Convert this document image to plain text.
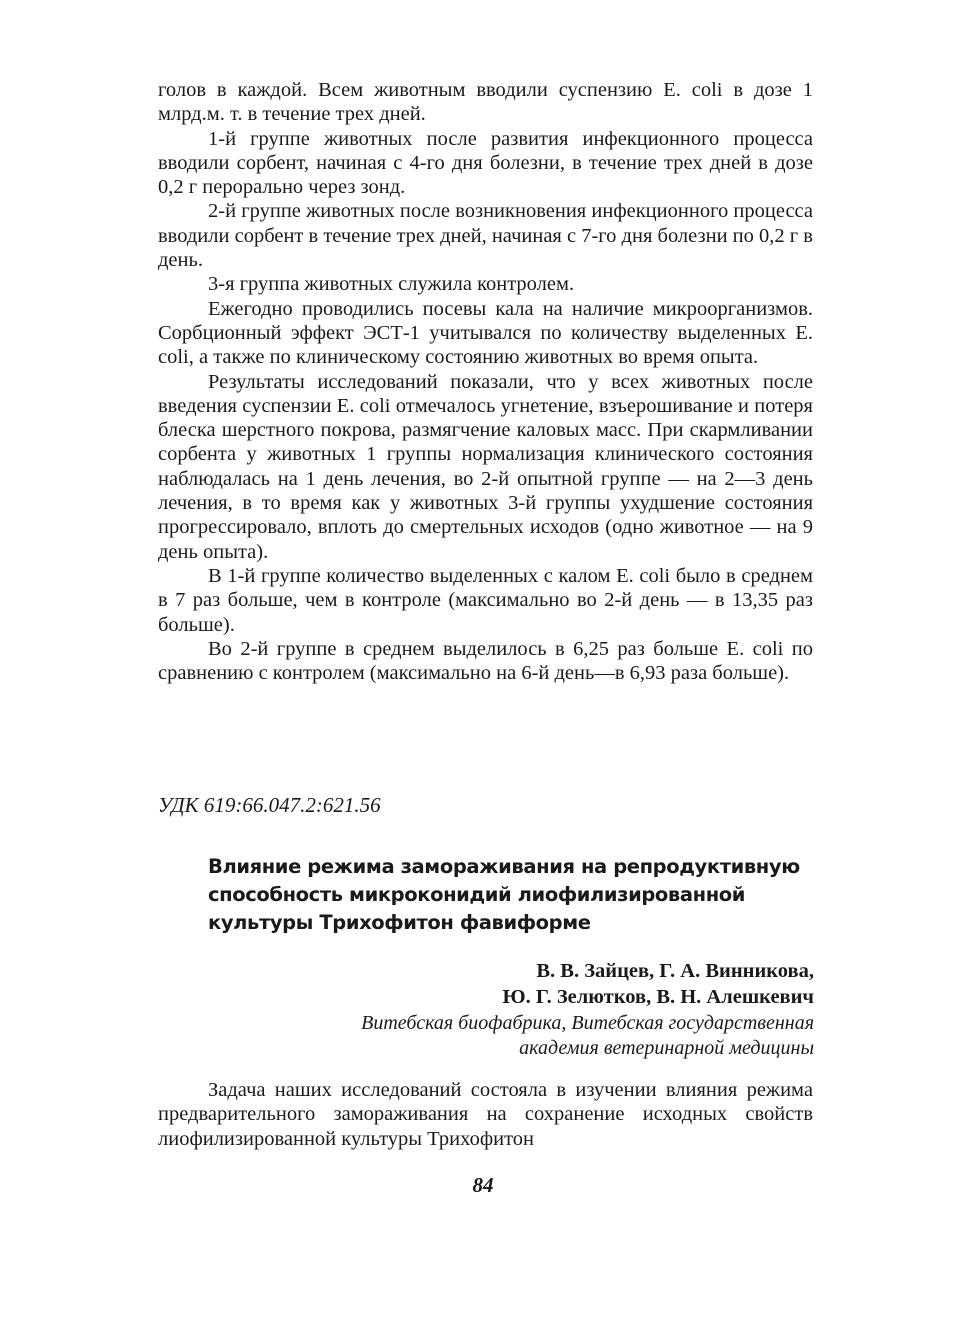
голов в каждой. Всем животным вводили суспензию E. coli в дозе 1 млрд.м. т. в течение трех дней.

1-й группе животных после развития инфекционного процесса вводили сорбент, начиная с 4-го дня болезни, в течение трех дней в дозе 0,2 г перорально через зонд.

2-й группе животных после возникновения инфекционного процесса вводили сорбент в течение трех дней, начиная с 7-го дня болезни по 0,2 г в день.

3-я группа животных служила контролем.

Ежегодно проводились посевы кала на наличие микроорганизмов. Сорбционный эффект ЭСТ-1 учитывался по количеству выделенных E. coli, а также по клиническому состоянию животных во время опыта.

Результаты исследований показали, что у всех животных после введения суспензии E. coli отмечалось угнетение, взъерошивание и потеря блеска шерстного покрова, размягчение каловых масс. При скармливании сорбента у животных 1 группы нормализация клинического состояния наблюдалась на 1 день лечения, во 2-й опытной группе — на 2—3 день лечения, в то время как у животных 3-й группы ухудшение состояния прогрессировало, вплоть до смертельных исходов (одно животное — на 9 день опыта).

В 1-й группе количество выделенных с калом E. coli было в среднем в 7 раз больше, чем в контроле (максимально во 2-й день — в 13,35 раз больше).

Во 2-й группе в среднем выделилось в 6,25 раз больше E. coli по сравнению с контролем (максимально на 6-й день—в 6,93 раза больше).

УДК 619:66.047.2:621.56

Влияние режима замораживания на репродуктивную способность микроконидий лиофилизированной культуры Трихофитон фавиформе
В. В. Зайцев, Г. А. Винникова,
Ю. Г. Зелютков, В. Н. Алешкевич
Витебская биофабрика, Витебская государственная
академия ветеринарной медицины

Задача наших исследований состояла в изучении влияния режима предварительного замораживания на сохранение исходных свойств лиофилизированной культуры Трихофитон

84
